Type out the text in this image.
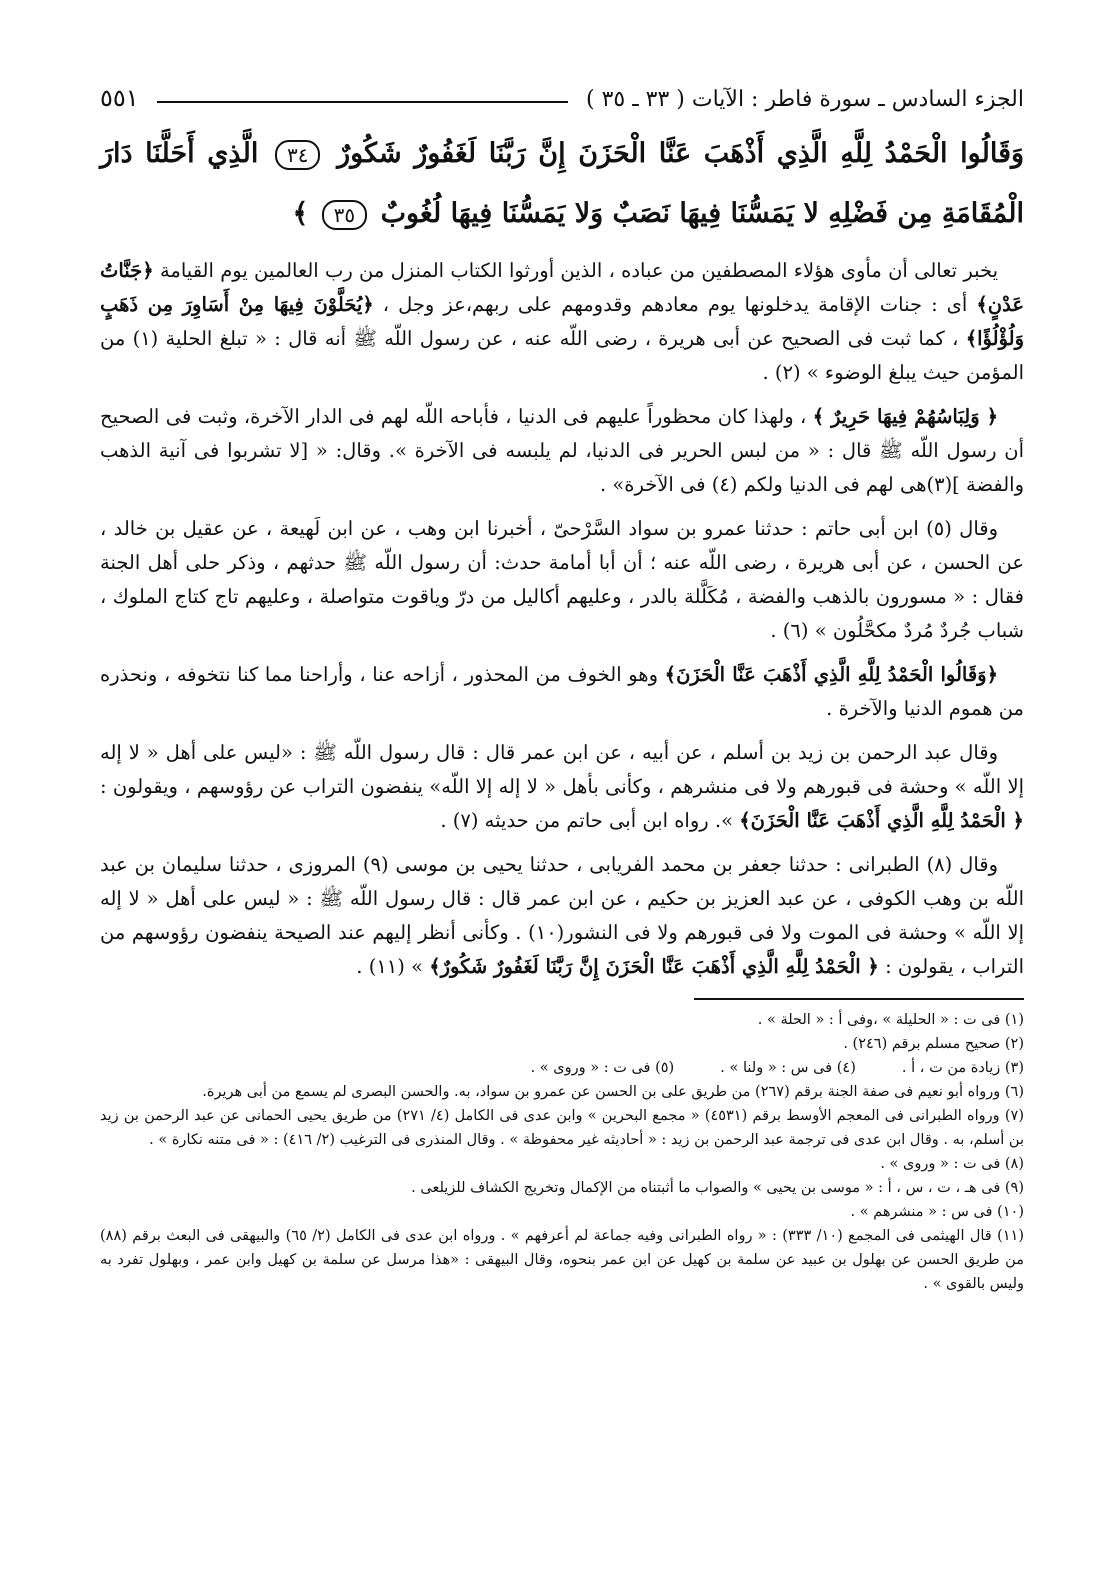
الجزء السادس ـ سورة فاطر : الآيات ( ٣٣ ـ ٣٥ )
٥٥١
وَقَالُوا الْحَمْدُ لِلَّهِ الَّذِي أَذْهَبَ عَنَّا الْحَزَنَ إِنَّ رَبَّنَا لَغَفُورٌ شَكُورٌ ٣٤ الَّذِي أَحَلَّنَا دَارَ الْمُقَامَةِ مِن فَضْلِهِ لا يَمَسُّنَا فِيهَا نَصَبٌ وَلا يَمَسُّنَا فِيهَا لُغُوبٌ ٣٥ ﴾

يخبر تعالى أن مأوى هؤلاء المصطفين من عباده ، الذين أورثوا الكتاب المنزل من رب العالمين يوم القيامة ﴿جَنَّاتُ عَدْنٍ﴾ أى : جنات الإقامة يدخلونها يوم معادهم وقدومهم على ربهم،عز وجل ، ﴿يُحَلَّوْنَ فِيهَا مِنْ أَسَاوِرَ مِن ذَهَبٍ وَلُؤْلُؤًا﴾ ، كما ثبت فى الصحيح عن أبى هريرة ، رضى اللّه عنه ، عن رسول اللّه ﷺ أنه قال : « تبلغ الحلية (١) من المؤمن حيث يبلغ الوضوء » (٢) .

﴿ وَلِبَاسُهُمْ فِيهَا حَرِيرٌ ﴾ ، ولهذا كان محظوراً عليهم فى الدنيا ، فأباحه اللّه لهم فى الدار الآخرة، وثبت فى الصحيح أن رسول اللّه ﷺ قال : « من لبس الحرير فى الدنيا، لم يلبسه فى الآخرة ». وقال: « [لا تشربوا فى آنية الذهب والفضة ](٣)هى لهم فى الدنيا ولكم (٤) فى الآخرة» .

وقال (٥) ابن أبى حاتم : حدثنا عمرو بن سواد السَّرْحىّ ، أخبرنا ابن وهب ، عن ابن لَهيعة ، عن عقيل بن خالد ، عن الحسن ، عن أبى هريرة ، رضى اللّه عنه ؛ أن أبا أمامة حدث: أن رسول اللّه ﷺ حدثهم ، وذكر حلى أهل الجنة فقال : « مسورون بالذهب والفضة ، مُكَلَّلة بالدر ، وعليهم أكاليل من درّ وياقوت متواصلة ، وعليهم تاج كتاج الملوك ، شباب جُردٌ مُردٌ مكحَّلُون » (٦) .

﴿وَقَالُوا الْحَمْدُ لِلَّهِ الَّذِي أَذْهَبَ عَنَّا الْحَزَنَ﴾ وهو الخوف من المحذور ، أزاحه عنا ، وأراحنا مما كنا نتخوفه ، ونحذره من هموم الدنيا والآخرة .

وقال عبد الرحمن بن زيد بن أسلم ، عن أبيه ، عن ابن عمر قال : قال رسول اللّه ﷺ : «ليس على أهل « لا إله إلا اللّه » وحشة فى قبورهم ولا فى منشرهم ، وكأنى بأهل « لا إله إلا اللّه» ينفضون التراب عن رؤوسهم ، ويقولون : ﴿ الْحَمْدُ لِلَّهِ الَّذِي أَذْهَبَ عَنَّا الْحَزَنَ﴾ ». رواه ابن أبى حاتم من حديثه (٧) .

وقال (٨) الطبرانى : حدثنا جعفر بن محمد الفريابى ، حدثنا يحيى بن موسى (٩) المروزى ، حدثنا سليمان بن عبد اللّه بن وهب الكوفى ، عن عبد العزيز بن حكيم ، عن ابن عمر قال : قال رسول اللّه ﷺ : « ليس على أهل « لا إله إلا اللّه » وحشة فى الموت ولا فى قبورهم ولا فى النشور(١٠) . وكأنى أنظر إليهم عند الصيحة ينفضون رؤوسهم من التراب ، يقولون : ﴿ الْحَمْدُ لِلَّهِ الَّذِي أَذْهَبَ عَنَّا الْحَزَنَ إِنَّ رَبَّنَا لَغَفُورٌ شَكُورٌ﴾ » (١١) .

(١) فى ت : « الحليلة » ،وفى أ : « الحلة » .

(٢) صحيح مسلم برقم (٢٤٦) .

(٣) زيادة من ت ، أ .          (٤) فى س : « ولنا » .          (٥) فى ت : « وروى » .

(٦) ورواه أبو نعيم فى صفة الجنة برقم (٢٦٧) من طريق على بن الحسن عن عمرو بن سواد، به. والحسن البصرى لم يسمع من أبى هريرة.

(٧) ورواه الطبرانى فى المعجم الأوسط برقم (٤٥٣١) « مجمع البحرين » وابن عدى فى الكامل (٤/ ٢٧١) من طريق يحيى الحمانى عن عبد الرحمن بن زيد بن أسلم، به . وقال ابن عدى فى ترجمة عبد الرحمن بن زيد : « أحاديثه غير محفوظة » . وقال المنذرى فى الترغيب (٢/ ٤١٦) : « فى متنه نكارة » .

(٨) فى ت : « وروى » .

(٩) فى هـ ، ت ، س ، أ : « موسى بن يحيى » والصواب ما أثبتناه من الإكمال وتخريج الكشاف للزيلعى .

(١٠) فى س : « منشرهم » .

(١١) قال الهيثمى فى المجمع (١٠/ ٣٣٣) : « رواه الطبرانى وفيه جماعة لم أعرفهم » . ورواه ابن عدى فى الكامل (٢/ ٦٥) والبيهقى فى البعث برقم (٨٨) من طريق الحسن عن بهلول بن عبيد عن سلمة بن كهيل عن ابن عمر بنحوه، وقال البيهقى : «هذا مرسل عن سلمة بن كهيل وابن عمر ، وبهلول تفرد به وليس بالقوى » .
